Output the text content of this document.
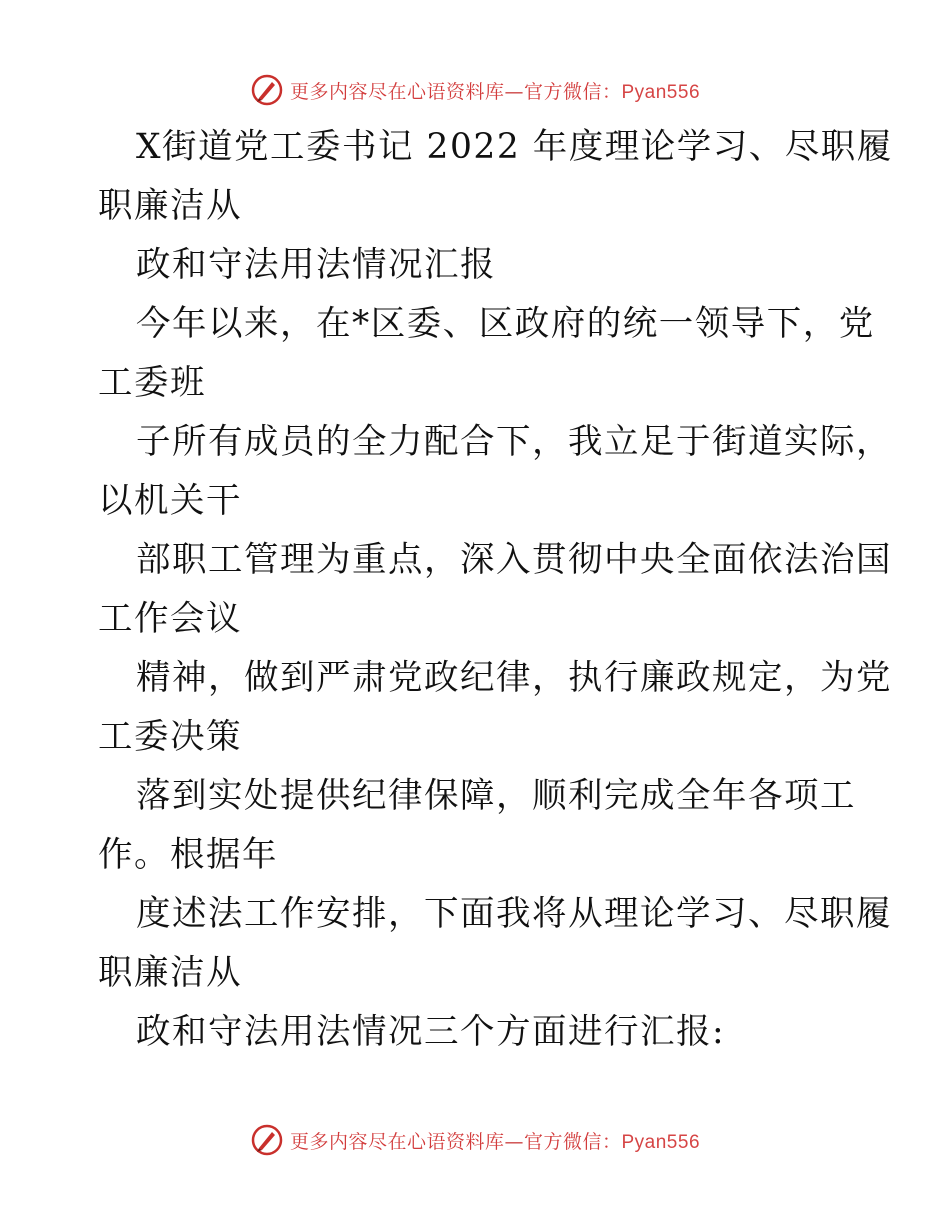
更多内容尽在心语资料库—官方微信：Pyan556
X街道党工委书记 2022 年度理论学习、尽职履
职廉洁从
政和守法用法情况汇报
今年以来，在*区委、区政府的统一领导下，党
工委班
子所有成员的全力配合下，我立足于街道实际，
以机关干
部职工管理为重点，深入贯彻中央全面依法治国
工作会议
精神，做到严肃党政纪律，执行廉政规定，为党
工委决策
落到实处提供纪律保障，顺利完成全年各项工
作。根据年
度述法工作安排，下面我将从理论学习、尽职履
职廉洁从
政和守法用法情况三个方面进行汇报:
更多内容尽在心语资料库—官方微信：Pyan556
